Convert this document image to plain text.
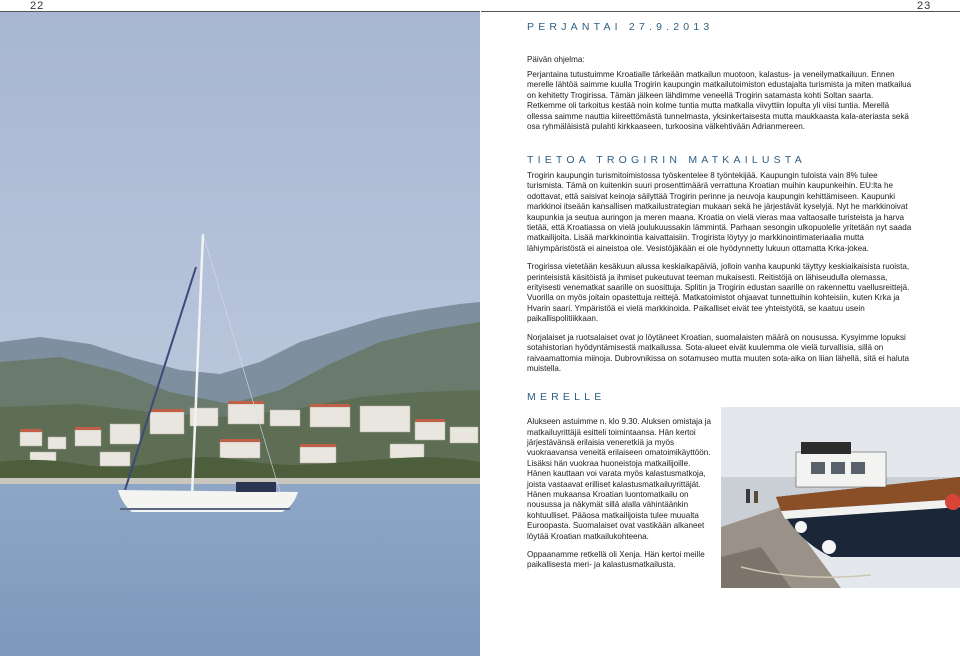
22	23
PERJANTAI 27.9.2013
Päivän ohjelma:

Perjantaina tutustuimme Kroatialle tärkeään matkailun muotoon, kalastus- ja veneilymatkailuun. Ennen merelle lähtöä saimme kuulla Trogirin kaupungin matkailutoimiston edustajalta turismista ja miten matkailua on kehitetty Trogirissa. Tämän jälkeen lähdimme veneellä Trogirin satamasta kohti Soltan saarta. Retkemme oli tarkoitus kestää noin kolme tuntia mutta matkalla viivyttiin lopulta yli viisi tuntia. Merellä ollessa saimme nauttia kiireettömästä tunnelmasta, yksinkertaisesta mutta maukkaasta kala-ateriasta sekä osa ryhmäläisistä pulahti kirkkaaseen, turkoosina välkehtivään Adrianmereen.

TIETOA TROGIRIN MATKAILUSTA

Trogirin kaupungin turismitoimistossa työskentelee 8 työntekijää. Kaupungin tuloista vain 8% tulee turismista. Tämä on kuitenkin suuri prosenttimäärä verrattuna Kroatian muihin kaupunkeihin. EU:lta he odottavat, että saisivat keinoja säilyttää Trogirin perinne ja neuvoja kaupungin kehittämiseen. Kaupunki markkinoi itseään kansallisen matkailustrategian mukaan sekä he järjestävät kyselyjä. Nyt he markkinoivat kaupunkia ja seutua auringon ja meren maana. Kroatia on vielä vieras maa valtaosalle turisteista ja harva tietää, että Kroatiassa on vielä joulukuussakin lämmintä. Parhaan sesongin ulkopuolelle yritetään nyt saada matkailijoita. Lisää markkinointia kaivattaisiin. Trogirista löytyy jo markkinointimateriaalia mutta lähiympäristöstä ei aineistoa ole. Vesistöjäkään ei ole hyödynnetty lukuun ottamatta Krka-jokea.

Trogirissa vietetään kesäkuun alussa keskiaikapäiviä, jolloin vanha kaupunki täyttyy keskiaikaisista ruoista, perinteisistä käsitöistä ja ihmiset pukeutuvat teeman mukaisesti. Reitistöjä on lähiseudulla olemassa, erityisesti venematkat saarille on suosittuja. Splitin ja Trogirin edustan saarille on rakennettu vaellusreittejä. Vuorilla on myös joitain opastettuja reittejä. Matkatoimistot ohjaavat tunnettuihin kohteisiin, kuten Krka ja Hvarin saari. Ympäristöä ei vielä markkinoida. Paikalliset eivät tee yhteistyötä, se kaatuu usein paikallispolitiikkaan.

Norjalaiset ja ruotsalaiset ovat jo löytäneet Kroatian, suomalaisten määrä on nousussa. Kysyimme lopuksi sotahistorian hyödyntämisestä matkailussa. Sota-alueet eivät kuulemma ole vielä turvallisia, sillä on raivaamattomia miinoja. Dubrovnikissa on sotamuseo mutta muuten sota-aika on liian lähellä, sitä ei haluta muistella.

MERELLE

Alukseen astuimme n. klo 9.30. Aluksen omistaja ja matkailuyrittäjä esitteli toimintaansa. Hän kertoi järjestävänsä erilaisia veneretkiä ja myös vuokraavansa veneitä erilaiseen omatoimikäyttöön. Lisäksi hän vuokraa huoneistoja matkailijoille. Hänen kauttaan voi varata myös kalastusmatkoja, joista vastaavat erilliset kalastusmatkailuyrittäjät. Hänen mukaansa Kroatian luontomatkailu on nousussa ja näkymät sillä alalla vähintäänkin kohtuulliset. Pääosa matkailijoista tulee muualta Euroopasta. Suomalaiset ovat vastikään alkaneet löytää Kroatian matkailukohteena.

Oppaanamme retkellä oli Xenja. Hän kertoi meille paikallisesta meri- ja kalastusmatkailusta.
